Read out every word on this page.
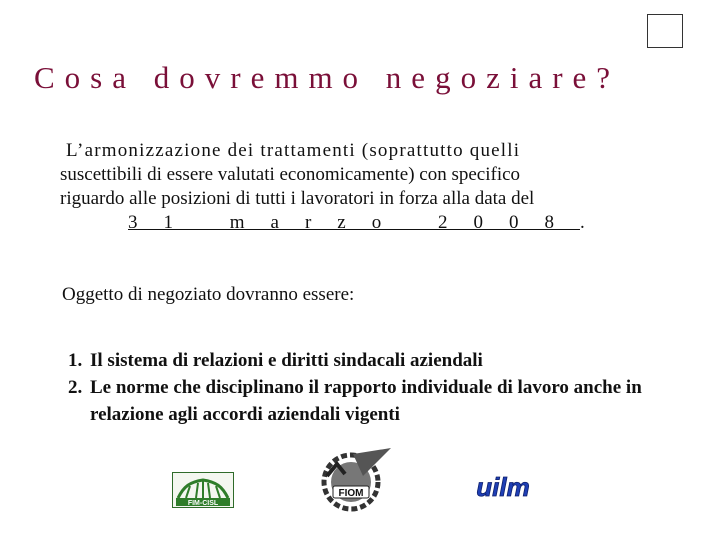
Cosa dovremmo negoziare?

L’armonizzazione dei trattamenti (soprattutto quelli
suscettibili di essere valutati economicamente) con specifico
riguardo alle posizioni di tutti i lavoratori in forza alla data del
31 marzo 2008.

Oggetto di negoziato dovranno essere:

1. Il sistema di relazioni e diritti sindacali aziendali
2. Le norme che disciplinano il rapporto individuale di lavoro anche in relazione agli accordi aziendali vigenti
FIM-CISL
FIOM	uilm
